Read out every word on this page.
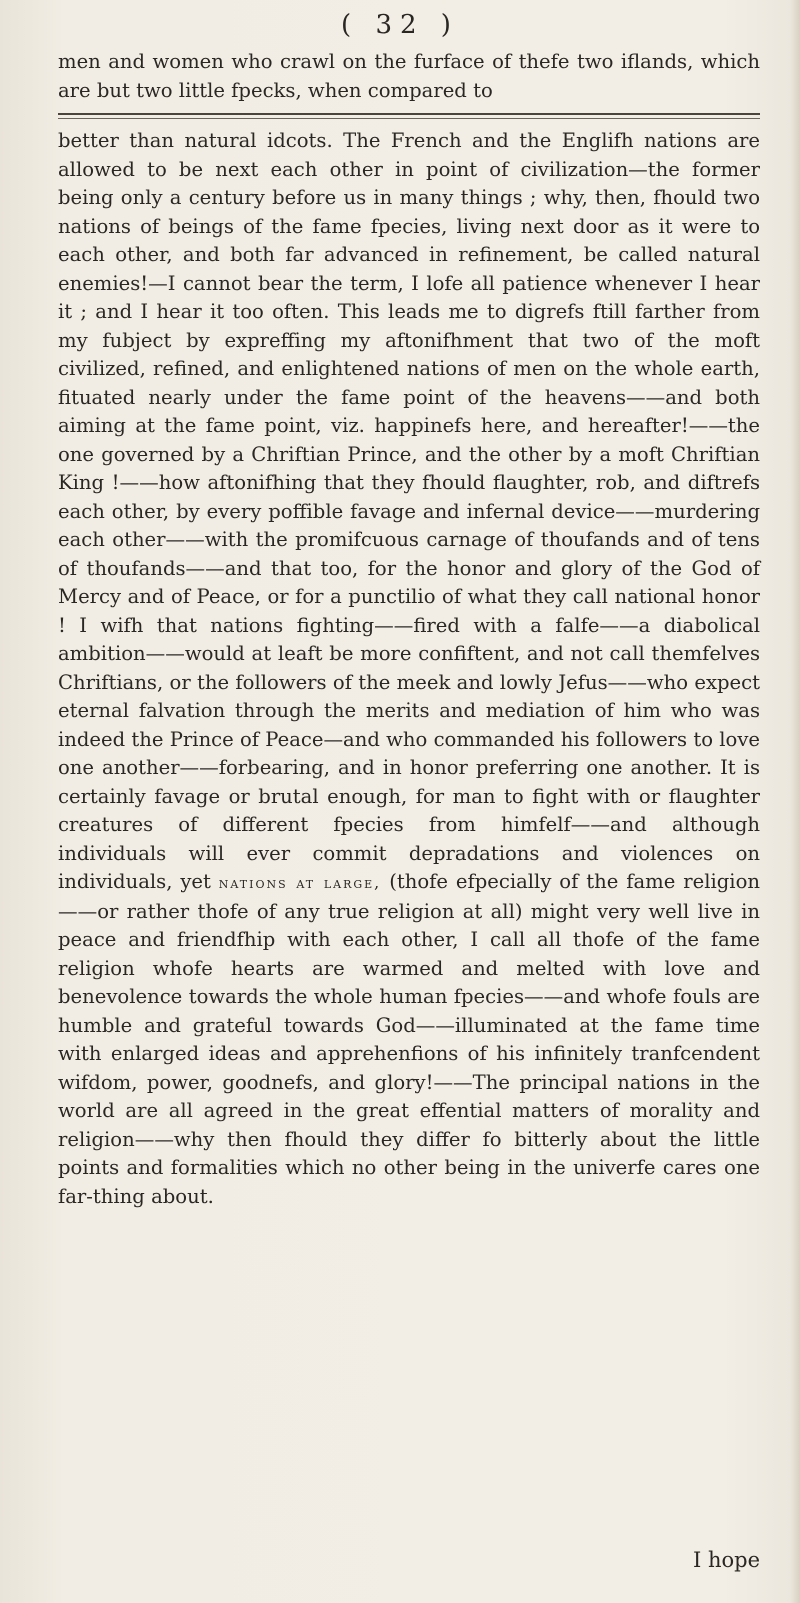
( 32 )
men and women who crawl on the furface of thefe two iflands, which are but two little fpecks, when compared to

better than natural idcots. The French and the Englifh nations are allowed to be next each other in point of civilization—the former being only a century before us in many things ; why, then, fhould two nations of beings of the fame fpecies, living next door as it were to each other, and both far advanced in refinement, be called natural enemies!—I cannot bear the term, I lofe all patience whenever I hear it ; and I hear it too often. This leads me to digrefs ftill farther from my fubject by expreffing my aftonifhment that two of the moft civilized, refined, and enlightened nations of men on the whole earth, fituated nearly under the fame point of the heavens——and both aiming at the fame point, viz. happinefs here, and hereafter!——the one governed by a Chriftian Prince, and the other by a moft Chriftian King !——how aftonifhing that they fhould flaughter, rob, and diftrefs each other, by every poffible favage and infernal device——murdering each other——with the promifcuous carnage of thoufands and of tens of thoufands——and that too, for the honor and glory of the God of Mercy and of Peace, or for a punctilio of what they call national honor ! I wifh that nations fighting——fired with a falfe——a diabolical ambition——would at leaft be more confiftent, and not call themfelves Chriftians, or the followers of the meek and lowly Jefus——who expect eternal falvation through the merits and mediation of him who was indeed the Prince of Peace—and who commanded his followers to love one another——forbearing, and in honor preferring one another. It is certainly favage or brutal enough, for man to fight with or flaughter creatures of different fpecies from himfelf——and although individuals will ever commit depradations and violences on individuals, yet nations at large, (thofe efpecially of the fame religion——or rather thofe of any true religion at all) might very well live in peace and friendfhip with each other, I call all thofe of the fame religion whofe hearts are warmed and melted with love and benevolence towards the whole human fpecies——and whofe fouls are humble and grateful towards God——illuminated at the fame time with enlarged ideas and apprehenfions of his infinitely tranfcendent wifdom, power, goodnefs, and glory!——The principal nations in the world are all agreed in the great effential matters of morality and religion——why then fhould they differ fo bitterly about the little points and formalities which no other being in the univerfe cares one far-thing about.

I hope
